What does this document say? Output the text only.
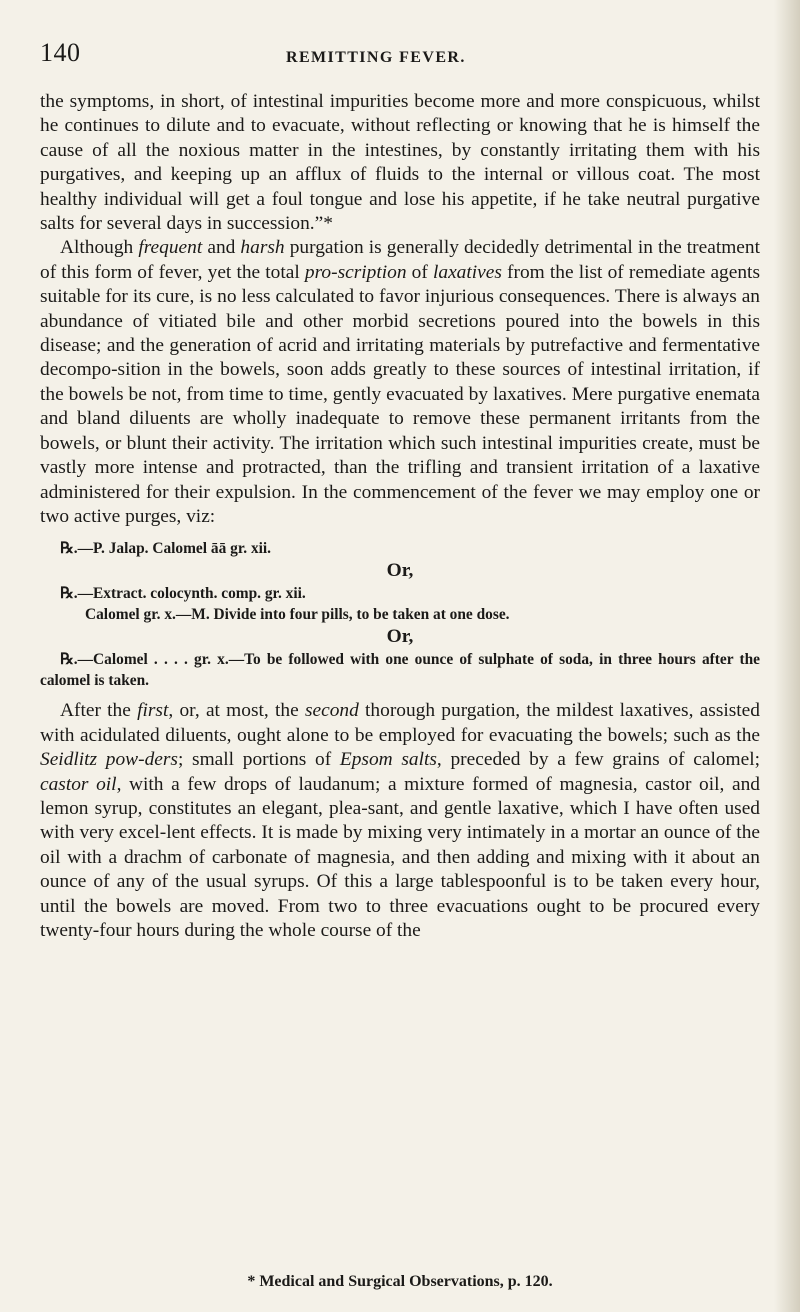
140	REMITTING FEVER.

the symptoms, in short, of intestinal impurities become more and more conspicuous, whilst he continues to dilute and to evacuate, without reflecting or knowing that he is himself the cause of all the noxious matter in the intestines, by constantly irritating them with his purgatives, and keeping up an afflux of fluids to the internal or villous coat. The most healthy individual will get a foul tongue and lose his appetite, if he take neutral purgative salts for several days in succession.”*

Although frequent and harsh purgation is generally decidedly detrimental in the treatment of this form of fever, yet the total pro-scription of laxatives from the list of remediate agents suitable for its cure, is no less calculated to favor injurious consequences. There is always an abundance of vitiated bile and other morbid secretions poured into the bowels in this disease; and the generation of acrid and irritating materials by putrefactive and fermentative decompo-sition in the bowels, soon adds greatly to these sources of intestinal irritation, if the bowels be not, from time to time, gently evacuated by laxatives. Mere purgative enemata and bland diluents are wholly inadequate to remove these permanent irritants from the bowels, or blunt their activity. The irritation which such intestinal impurities create, must be vastly more intense and protracted, than the trifling and transient irritation of a laxative administered for their expulsion. In the commencement of the fever we may employ one or two active purges, viz:

℞.—P. Jalap. Calomel āā gr. xii.

Or,

℞.—Extract. colocynth. comp. gr. xii.

Calomel gr. x.—M. Divide into four pills, to be taken at one dose.

Or,

℞.—Calomel . . . . gr. x.—To be followed with one ounce of sulphate of soda, in three hours after the calomel is taken.

After the first, or, at most, the second thorough purgation, the mildest laxatives, assisted with acidulated diluents, ought alone to be employed for evacuating the bowels; such as the Seidlitz pow-ders; small portions of Epsom salts, preceded by a few grains of calomel; castor oil, with a few drops of laudanum; a mixture formed of magnesia, castor oil, and lemon syrup, constitutes an elegant, plea-sant, and gentle laxative, which I have often used with very excel-lent effects. It is made by mixing very intimately in a mortar an ounce of the oil with a drachm of carbonate of magnesia, and then adding and mixing with it about an ounce of any of the usual syrups. Of this a large tablespoonful is to be taken every hour, until the bowels are moved. From two to three evacuations ought to be procured every twenty-four hours during the whole course of the

* Medical and Surgical Observations, p. 120.
